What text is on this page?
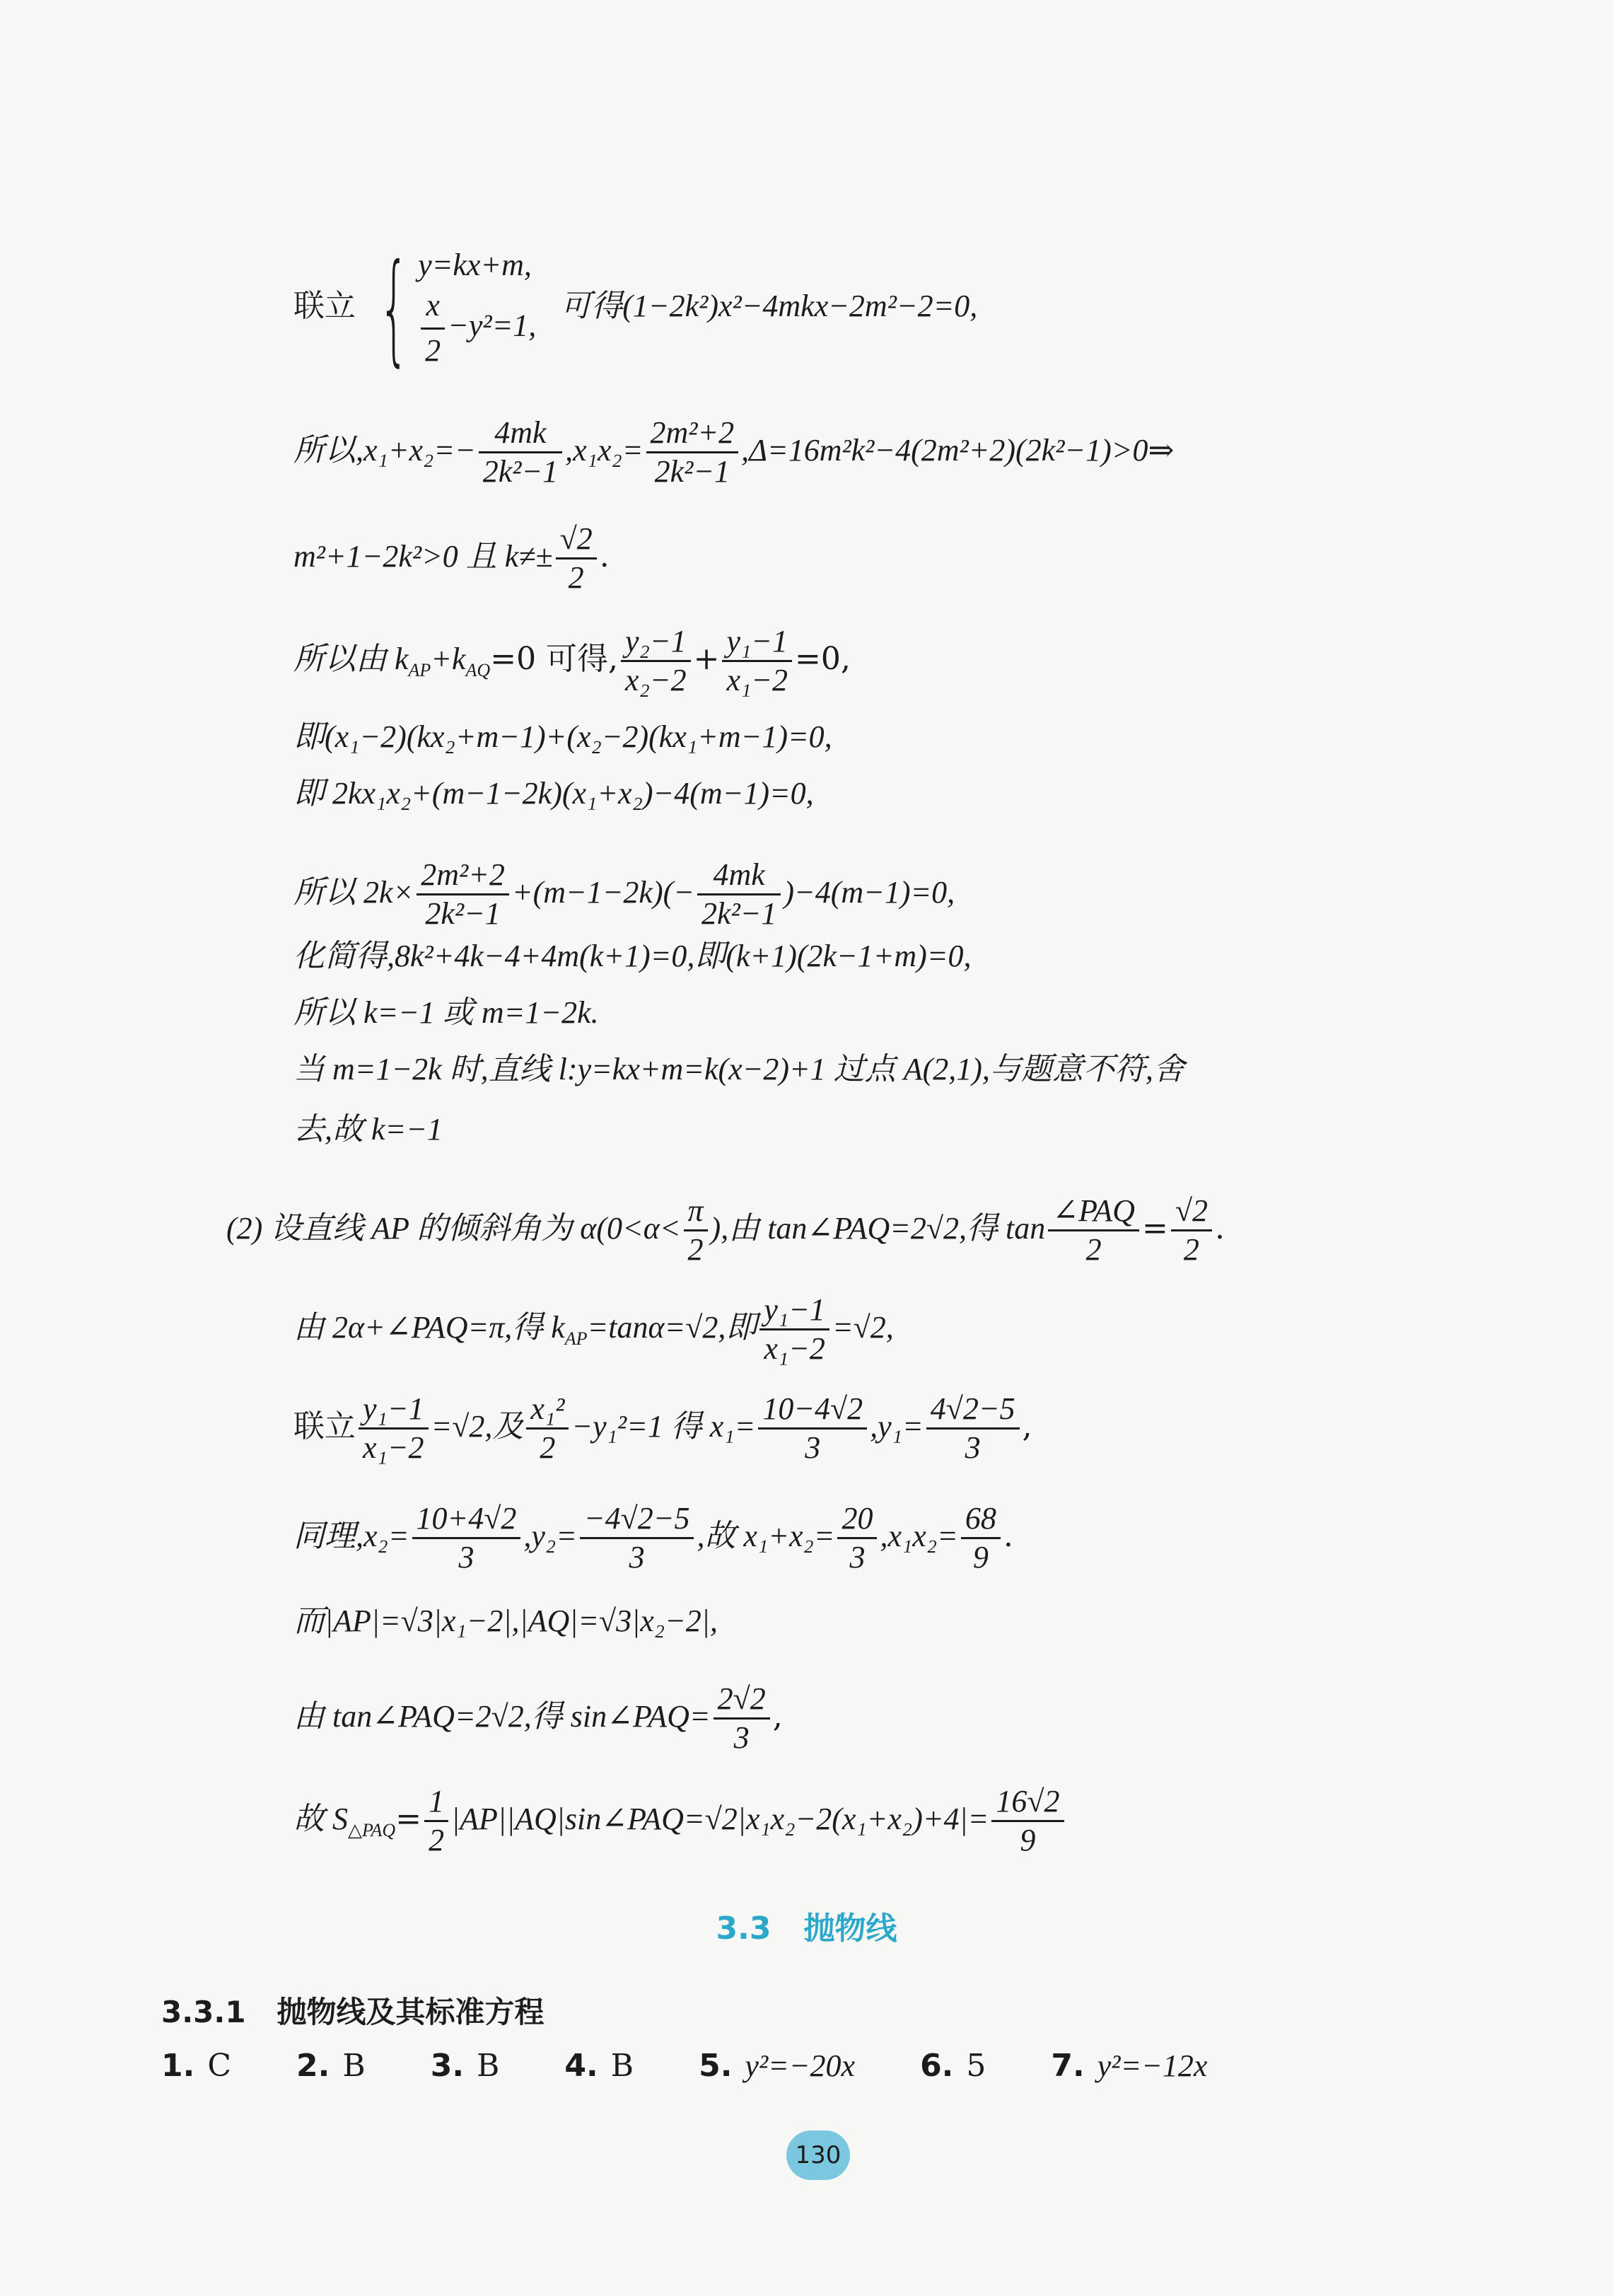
联立 { y=kx+m,
$\frac{x}{2} -y^2=1$,
可得(1−2k²)x²−4mkx−2m²−2=0,
所以$,x_1+x_2=- \frac{4mk}{\text{2k²−1}} ,x_1x_2= \frac{\text{2m²+2}}{\text{2k²−1}}$ ,Δ=16m²k²−4(2m²+2)(2k²−1)>0⇒
m²+1−2k²>0 且 $k\ne\pm \frac{√2}{2}$ .
所以由 $k_{AP}+k_{AQ}=0$ 可得, $\frac{\text{y₂−1}}{\text{x₂−2}} + \frac{\text{y₁−1}}{\text{x₁−2}} =0$,
即(x₁−2)(kx₂+m−1)+(x₂−2)(kx₁+m−1)=0,
即 2kx₁x₂+(m−1−2k)(x₁+x₂)−4(m−1)=0,
所以 $2k\times \frac{\text{2m²+2}}{\text{2k²−1}} +(m-1-2k)(- \frac{4mk}{\text{2k²−1}} )-4(m-1)=0$,
化简得,8k²+4k−4+4m(k+1)=0,即(k+1)(2k−1+m)=0,
所以 k=−1 或 m=1−2k.
当 m=1−2k 时,直线 l:y=kx+m=k(x−2)+1 过点 A(2,1),与题意不符,舍
去,故 k=−1
(2) 设直线 AP 的倾斜角为 $\alpha(0<\alpha< \frac{\pi}{2}$ ),由 tan∠PAQ=2√2,得 $\tan \frac{\text{∠PAQ}}{2} = \frac{√2}{2}$ .
由 2α+∠PAQ=π,得 $k_{AP}=\tan\alpha=√2$,即 $\frac{\text{y₁−1}}{\text{x₁−2}} =√2$,
联立 $\frac{\text{y₁−1}}{\text{x₁−2}} =√2$,及 $\frac{\text{x₁²}}{2} -y_1^2=1$ 得 $x_1= \frac{10-4√2}{3} ,y_1= \frac{4√2-5}{3}$ ,
同理$,x_2= \frac{10+4√2}{3} ,y_2= \frac{-4√2-5}{3}$ ,故 $x_1+x_2= \frac{20}{3} ,x_1x_2= \frac{68}{9}$ .
而|AP|=√3|x₁−2|,|AQ|=√3|x₂−2|,
由 tan∠PAQ=2√2,得 sin∠PAQ= $\frac{2√2}{3}$ ,
故 $S_{\triangle PAQ}= \frac{1}{2}$ |AP||AQ|sin∠PAQ=√2|x₁x₂−2(x₁+x₂)+4|= $\frac{16√2}{9}$
3.3 抛物线
3.3.1 抛物线及其标准方程
1. C 2. B 3. B 4. B 5. y²=−20x 6. 5 7. y²=−12x
130
